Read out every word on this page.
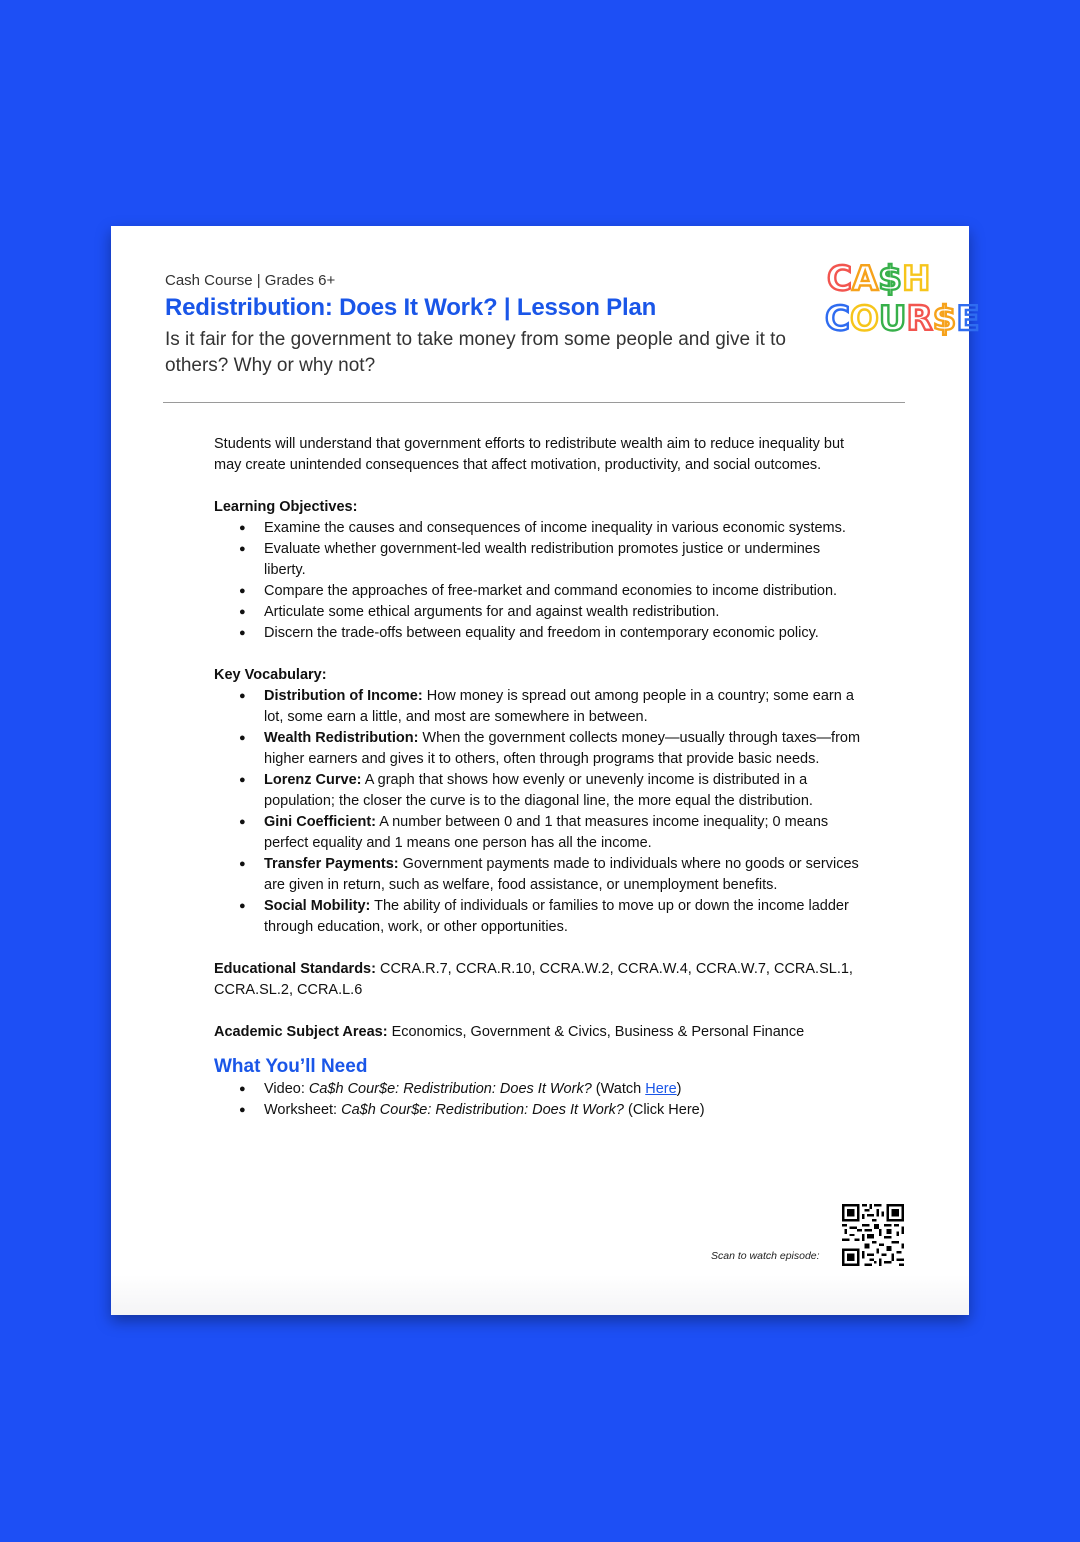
Cash Course | Grades 6+
Redistribution: Does It Work? | Lesson Plan
Is it fair for the government to take money from some people and give it to others? Why or why not?
CA$H
COUR$E

Students will understand that government efforts to redistribute wealth aim to reduce inequality but may create unintended consequences that affect motivation, productivity, and social outcomes.

Learning Objectives:

● Examine the causes and consequences of income inequality in various economic systems.
● Evaluate whether government-led wealth redistribution promotes justice or undermines liberty.
● Compare the approaches of free-market and command economies to income distribution.
● Articulate some ethical arguments for and against wealth redistribution.
● Discern the trade-offs between equality and freedom in contemporary economic policy.

Key Vocabulary:

● Distribution of Income: How money is spread out among people in a country; some earn a lot, some earn a little, and most are somewhere in between.
● Wealth Redistribution: When the government collects money—usually through taxes—from higher earners and gives it to others, often through programs that provide basic needs.
● Lorenz Curve: A graph that shows how evenly or unevenly income is distributed in a population; the closer the curve is to the diagonal line, the more equal the distribution.
● Gini Coefficient: A number between 0 and 1 that measures income inequality; 0 means perfect equality and 1 means one person has all the income.
● Transfer Payments: Government payments made to individuals where no goods or services are given in return, such as welfare, food assistance, or unemployment benefits.
● Social Mobility: The ability of individuals or families to move up or down the income ladder through education, work, or other opportunities.

Educational Standards: CCRA.R.7, CCRA.R.10, CCRA.W.2, CCRA.W.4, CCRA.W.7, CCRA.SL.1, CCRA.SL.2, CCRA.L.6

Academic Subject Areas: Economics, Government & Civics, Business & Personal Finance

What You’ll Need
● Video: Ca$h Cour$e: Redistribution: Does It Work? (Watch Here)
● Worksheet: Ca$h Cour$e: Redistribution: Does It Work? (Click Here)
Scan to watch episode:
